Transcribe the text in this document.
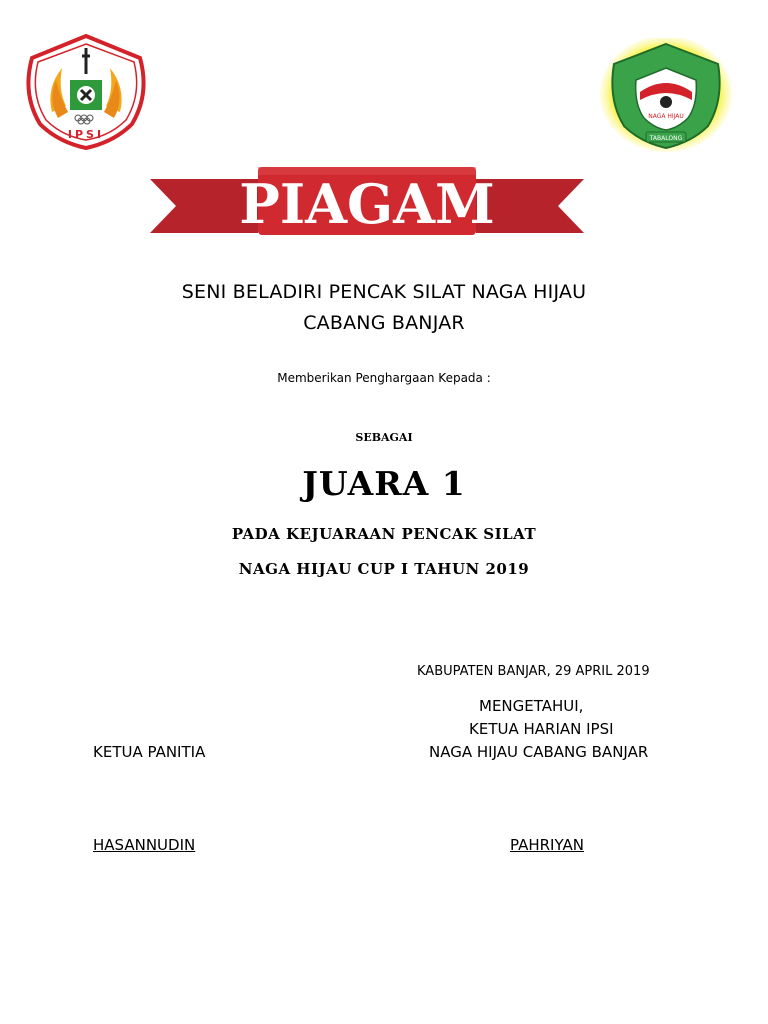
IPSI
NAGA HIJAU
TABALONG
PIAGAM
SENI BELADIRI PENCAK SILAT NAGA HIJAU
CABANG BANJAR
Memberikan Penghargaan Kepada :
SEBAGAI
JUARA 1
PADA KEJUARAAN PENCAK SILAT
NAGA HIJAU CUP I TAHUN 2019
KABUPATEN BANJAR, 29 APRIL 2019
MENGETAHUI,
KETUA HARIAN IPSI
NAGA HIJAU CABANG BANJAR
KETUA PANITIA
HASANNUDIN	PAHRIYAN
